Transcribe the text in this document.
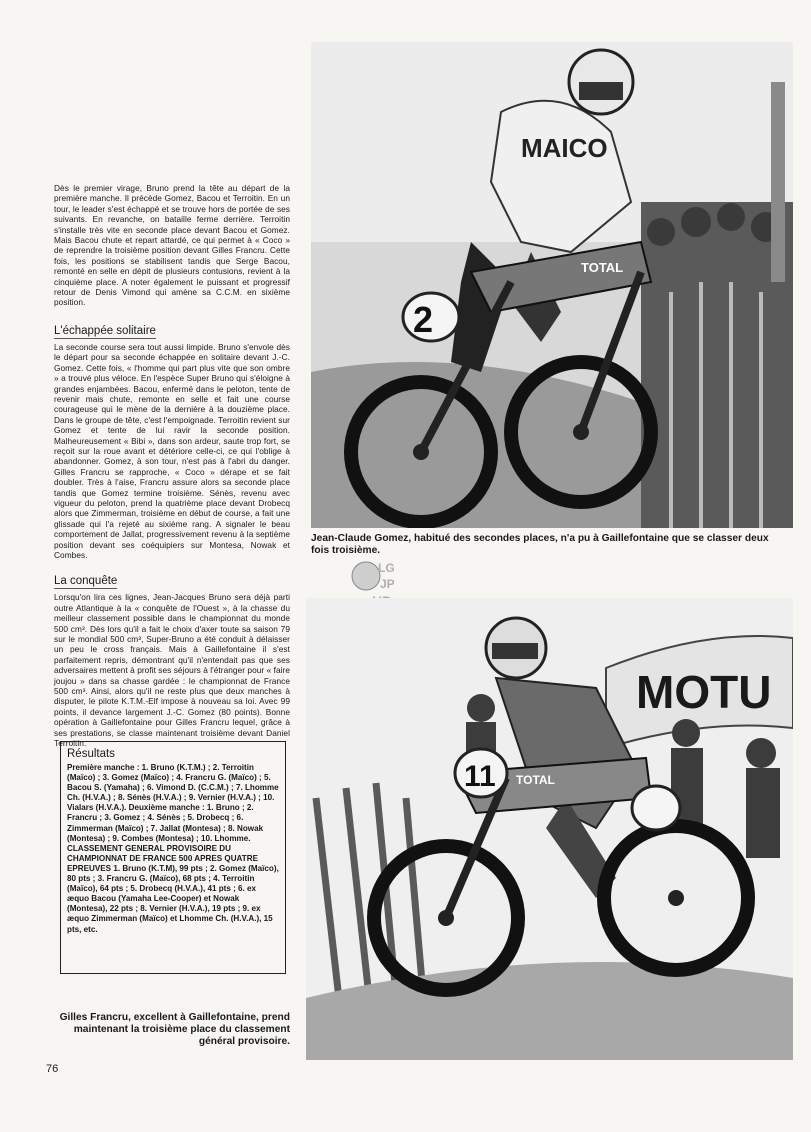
Dès le premier virage, Bruno prend la tête au départ de la première manche. Il précède Gomez, Bacou et Terroitin. En un tour, le leader s'est échappé et se trouve hors de portée de ses suivants. En revanche, on bataille ferme derrière. Terroitin s'installe très vite en seconde place devant Bacou et Gomez. Mais Bacou chute et repart attardé, ce qui permet à « Coco » de reprendre la troisième position devant Gilles Francru. Cette fois, les positions se stabilisent tandis que Serge Bacou, remonté en selle en dépit de plusieurs contusions, revient à la cinquième place. A noter également le puissant et progressif retour de Denis Vimond qui amène sa C.C.M. en sixième position.

L'échappée solitaire

La seconde course sera tout aussi limpide. Bruno s'envole dès le départ pour sa seconde échappée en solitaire devant J.-C. Gomez. Cette fois, « l'homme qui part plus vite que son ombre » a trouvé plus véloce. En l'espèce Super Bruno qui s'éloigne à grandes enjambées. Bacou, enfermé dans le peloton, tente de revenir mais chute, remonte en selle et fait une course courageuse qui le mène de la dernière à la douzième place. Dans le groupe de tête, c'est l'empoignade. Terroitin revient sur Gomez et tente de lui ravir la seconde position. Malheureusement « Bibi », dans son ardeur, saute trop fort, se reçoit sur la roue avant et détériore celle-ci, ce qui l'oblige à abandonner. Gomez, à son tour, n'est pas à l'abri du danger. Gilles Francru se rapproche, « Coco » dérape et se fait doubler. Très à l'aise, Francru assure alors sa seconde place tandis que Gomez termine troisième. Sénès, revenu avec vigueur du peloton, prend la quatrième place devant Drobecq alors que Zimmerman, troisième en début de course, a fait une glissade qui l'a rejeté au sixième rang. A signaler le beau comportement de Jallat, progressivement revenu à la septième position devant ses coéquipiers sur Montesa, Nowak et Combes.

La conquête

Lorsqu'on lira ces lignes, Jean-Jacques Bruno sera déjà parti outre Atlantique à la « conquête de l'Ouest », à la chasse du meilleur classement possible dans le championnat du monde 500 cm³. Dès lors qu'il a fait le choix d'axer toute sa saison 79 sur le mondial 500 cm³, Super-Bruno a été conduit à délaisser un peu le cross français. Mais à Gaillefontaine il s'est parfaitement repris, démontrant qu'il n'entendait pas que ses adversaires mettent à profit ses séjours à l'étranger pour « faire joujou » dans sa chasse gardée : le championnat de France 500 cm³. Ainsi, alors qu'il ne reste plus que deux manches à disputer, le pilote K.T.M.-Elf impose à nouveau sa loi. Avec 99 points, il devance largement J.-C. Gomez (80 points). Bonne opération à Gaillefontaine pour Gilles Francru lequel, grâce à ses prestations, se classe maintenant troisième devant Daniel Terroitin.

Résultats

Première manche : 1. Bruno (K.T.M.) ; 2. Terroitin (Maïco) ; 3. Gomez (Maïco) ; 4. Francru G. (Maïco) ; 5. Bacou S. (Yamaha) ; 6. Vimond D. (C.C.M.) ; 7. Lhomme Ch. (H.V.A.) ; 8. Sénès (H.V.A.) ; 9. Vernier (H.V.A.) ; 10. Vialars (H.V.A.). Deuxième manche : 1. Bruno ; 2. Francru ; 3. Gomez ; 4. Sénès ; 5. Drobecq ; 6. Zimmerman (Maïco) ; 7. Jallat (Montesa) ; 8. Nowak (Montesa) ; 9. Combes (Montesa) ; 10. Lhomme. CLASSEMENT GENERAL PROVISOIRE DU CHAMPIONNAT DE FRANCE 500 APRES QUATRE EPREUVES 1. Bruno (K.T.M), 99 pts ; 2. Gomez (Maïco), 80 pts ; 3. Francru G. (Maïco), 68 pts ; 4. Terroitin (Maïco), 64 pts ; 5. Drobecq (H.V.A.), 41 pts ; 6. ex æquo Bacou (Yamaha Lee-Cooper) et Nowak (Montesa), 22 pts ; 8. Vernier (H.V.A.), 19 pts ; 9. ex æquo Zimmerman (Maïco) et Lhomme Ch. (H.V.A.), 15 pts, etc.

MAICO
TOTAL
2
Jean-Claude Gomez, habitué des secondes places, n'a pu à Gaillefontaine que se classer deux fois troisième.
LG
JP
MOTU
TOTAL
11
Gilles Francru, excellent à Gaillefontaine, prend maintenant la troisième place du classement général provisoire.
76
